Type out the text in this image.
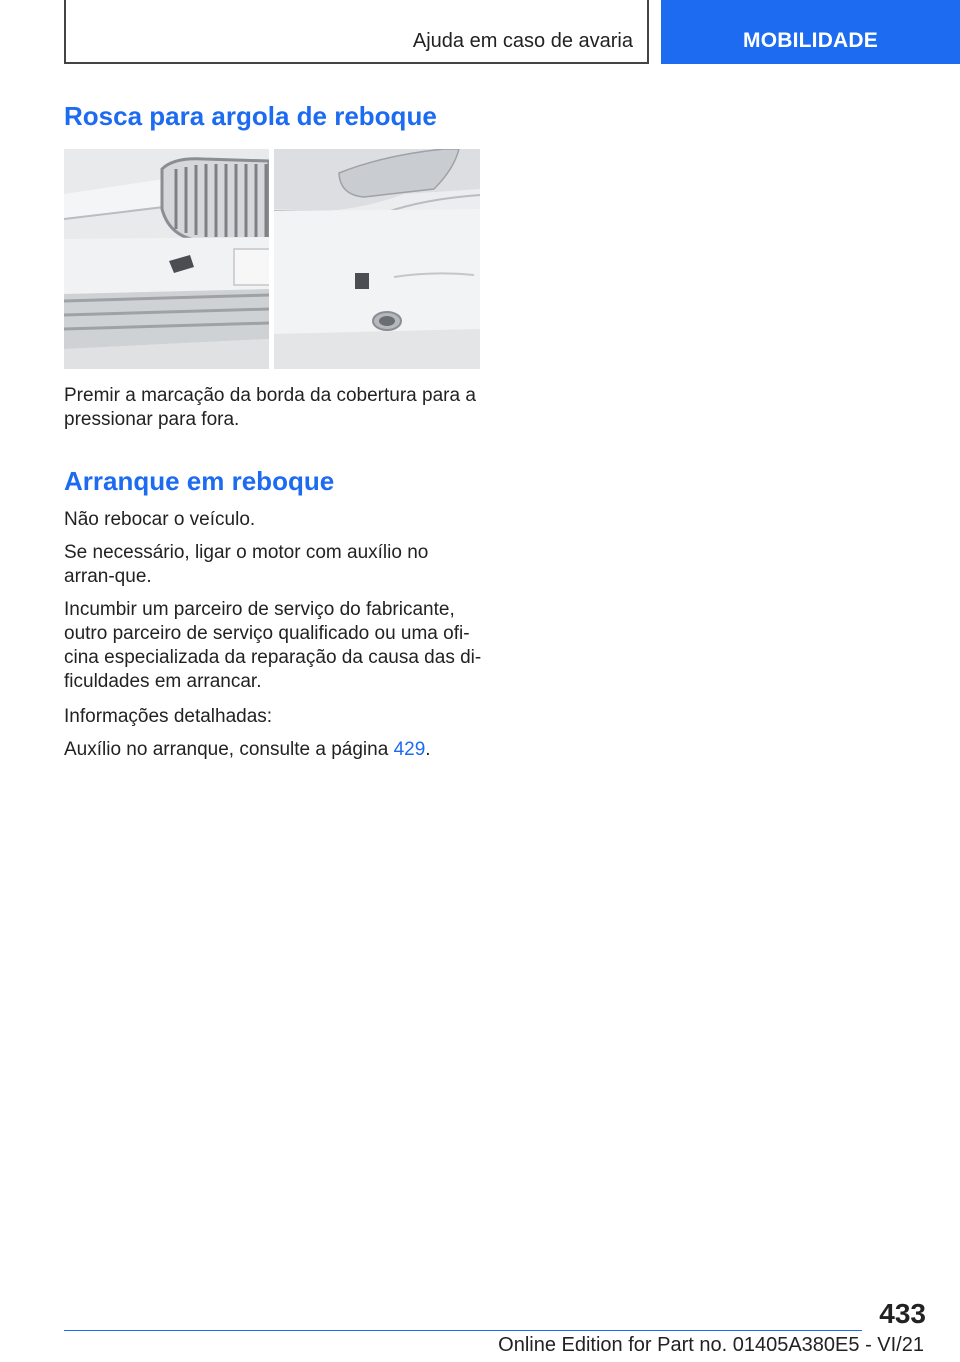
Ajuda em caso de avaria	MOBILIDADE
Rosca para argola de reboque

Premir a marcação da borda da cobertura para a pressionar para fora.

Arranque em reboque

Não rebocar o veículo.

Se necessário, ligar o motor com auxílio no arran-que.

Incumbir um parceiro de serviço do fabricante, outro parceiro de serviço qualificado ou uma ofi-cina especializada da reparação da causa das di-ficuldades em arrancar.

Informações detalhadas:

Auxílio no arranque, consulte a página 429.

433
Online Edition for Part no. 01405A380E5 - VI/21
